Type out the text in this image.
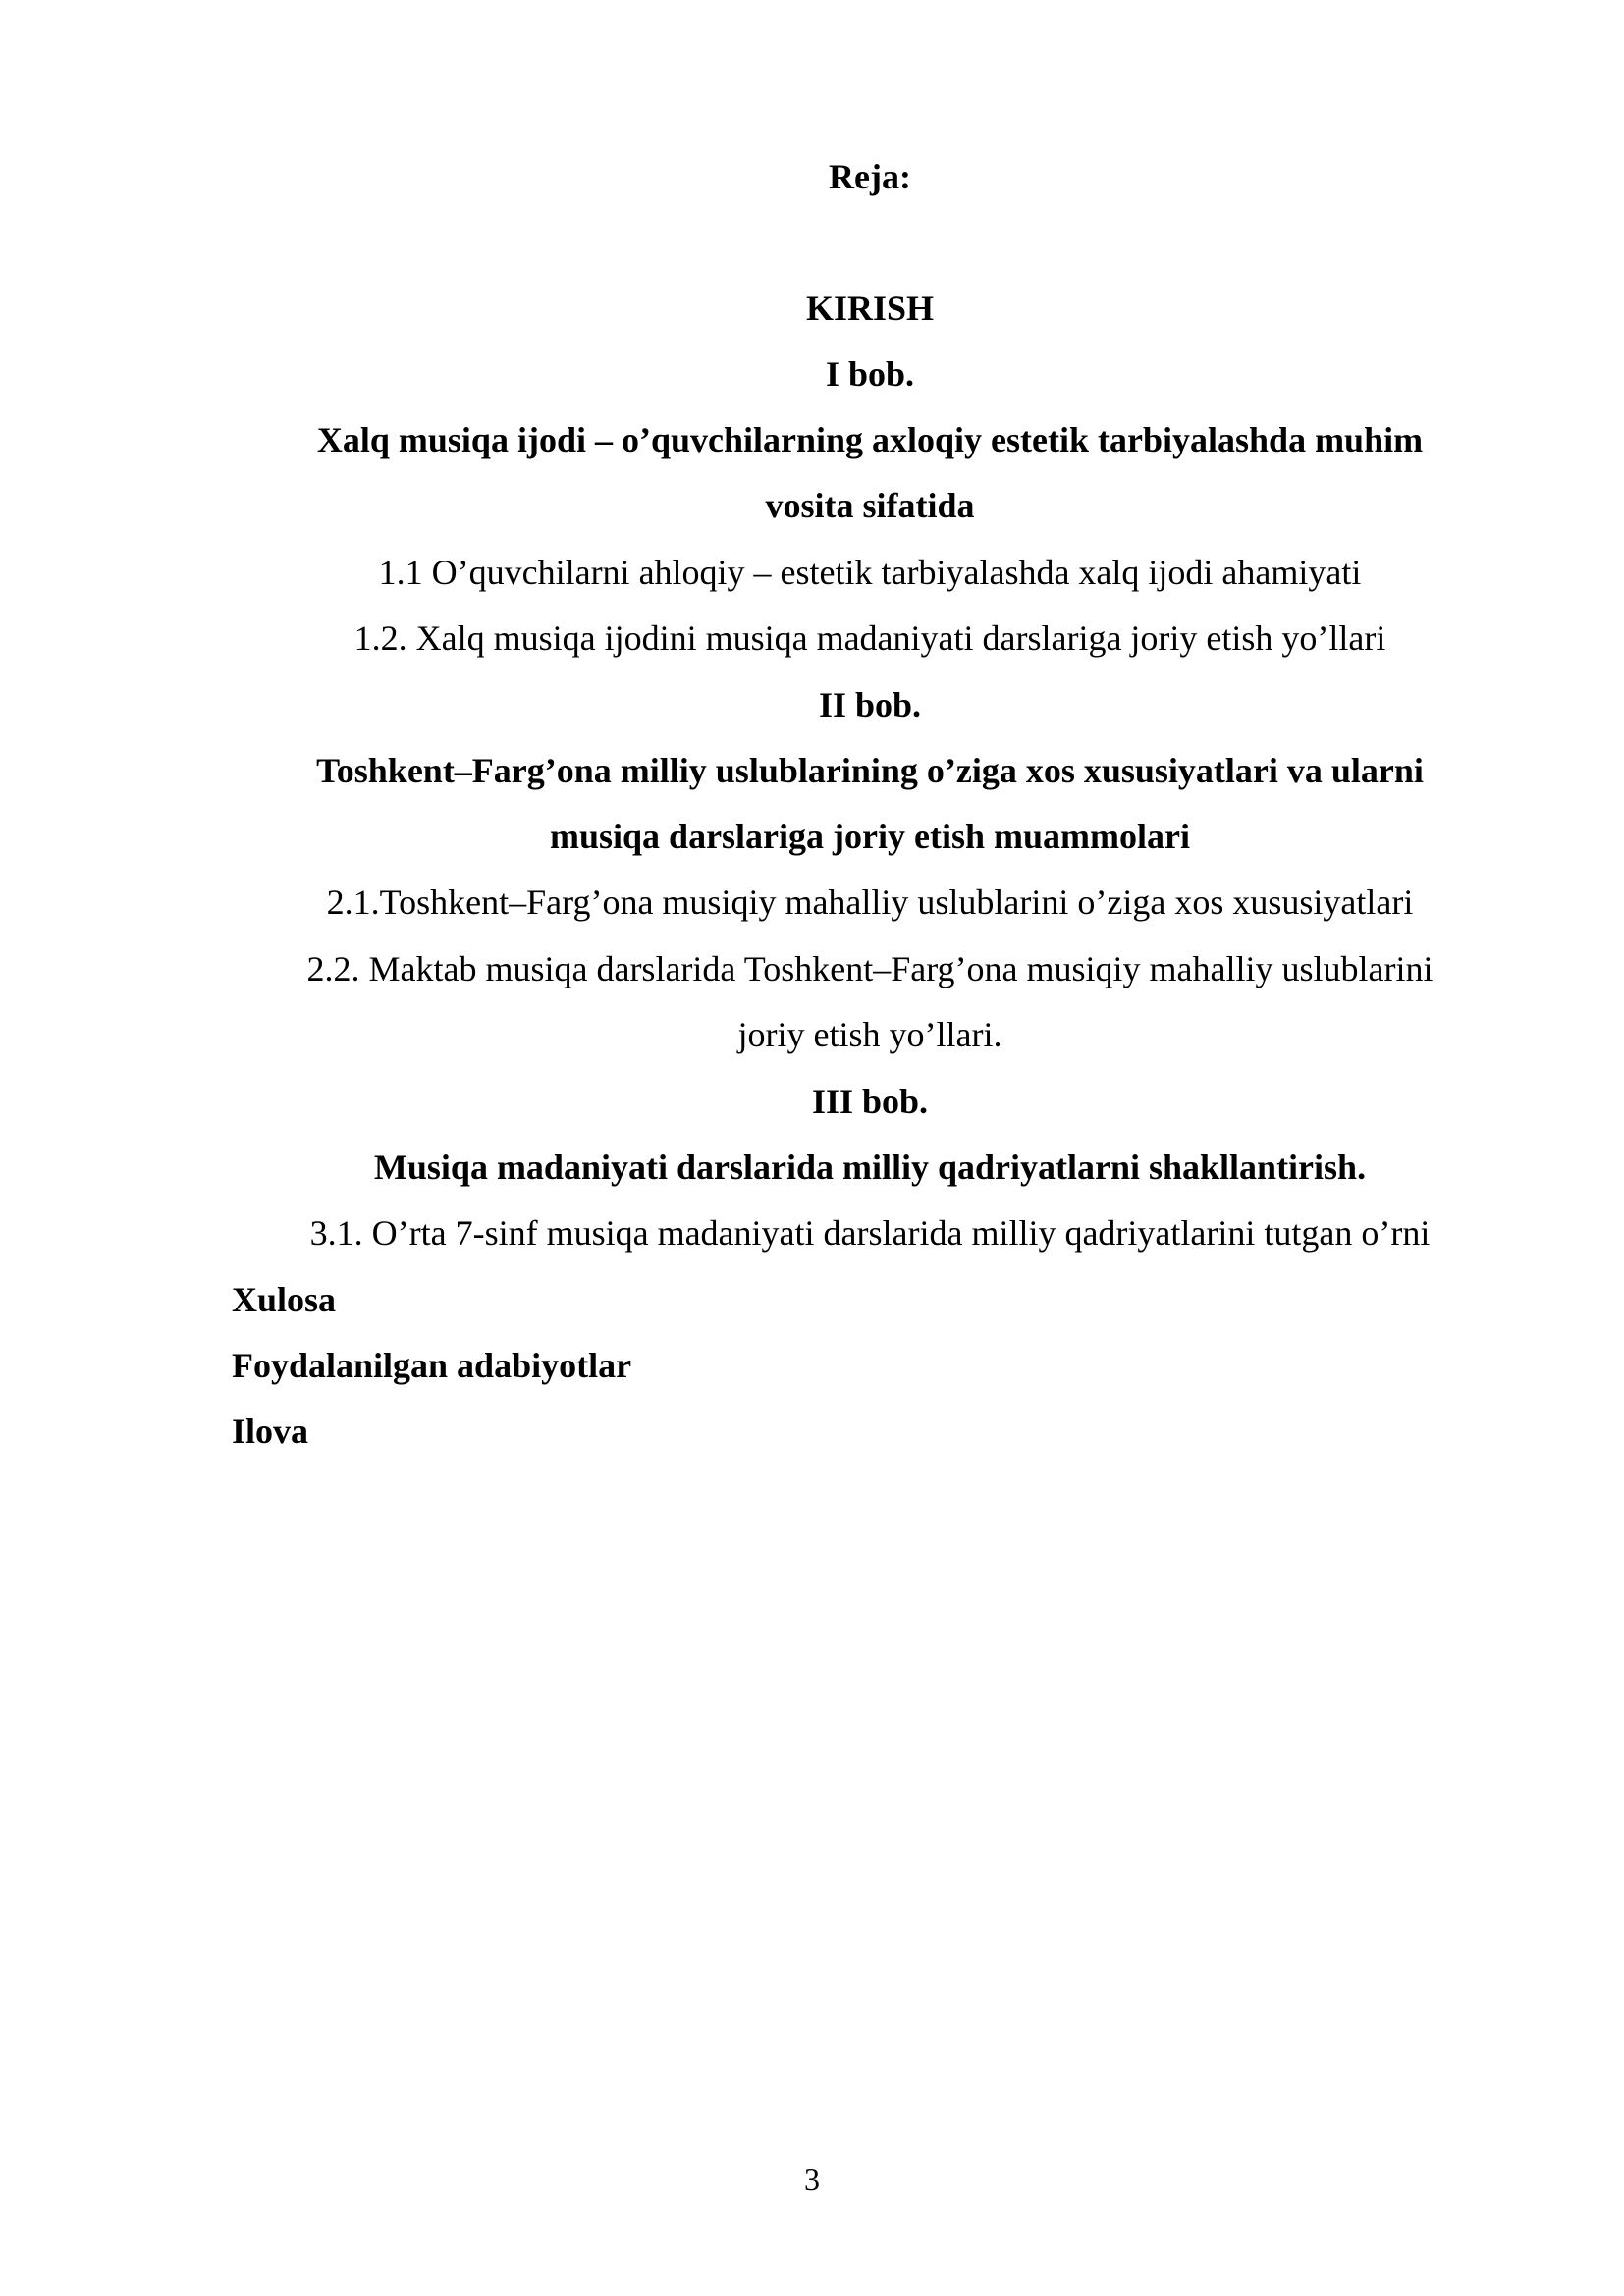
Reja:
KIRISH
I bob.
Xalq musiqa ijodi – o’quvchilarning axloqiy estetik tarbiyalashda muhim
vosita sifatida
1.1 O’quvchilarni ahloqiy – estetik tarbiyalashda xalq ijodi ahamiyati
1.2. Xalq musiqa ijodini musiqa madaniyati darslariga joriy etish yo’llari
II bob.
Toshkent–Farg’ona milliy uslublarining o’ziga xos xususiyatlari va ularni
musiqa darslariga joriy etish muammolari
2.1.Toshkent–Farg’ona musiqiy mahalliy uslublarini o’ziga xos xususiyatlari
2.2. Maktab musiqa darslarida Toshkent–Farg’ona musiqiy mahalliy uslublarini
joriy etish yo’llari.
III bob.
Musiqa madaniyati darslarida milliy qadriyatlarni shakllantirish.
3.1. O’rta 7-sinf musiqa madaniyati darslarida milliy qadriyatlarini tutgan o’rni
Xulosa
Foydalanilgan adabiyotlar
Ilova
3
